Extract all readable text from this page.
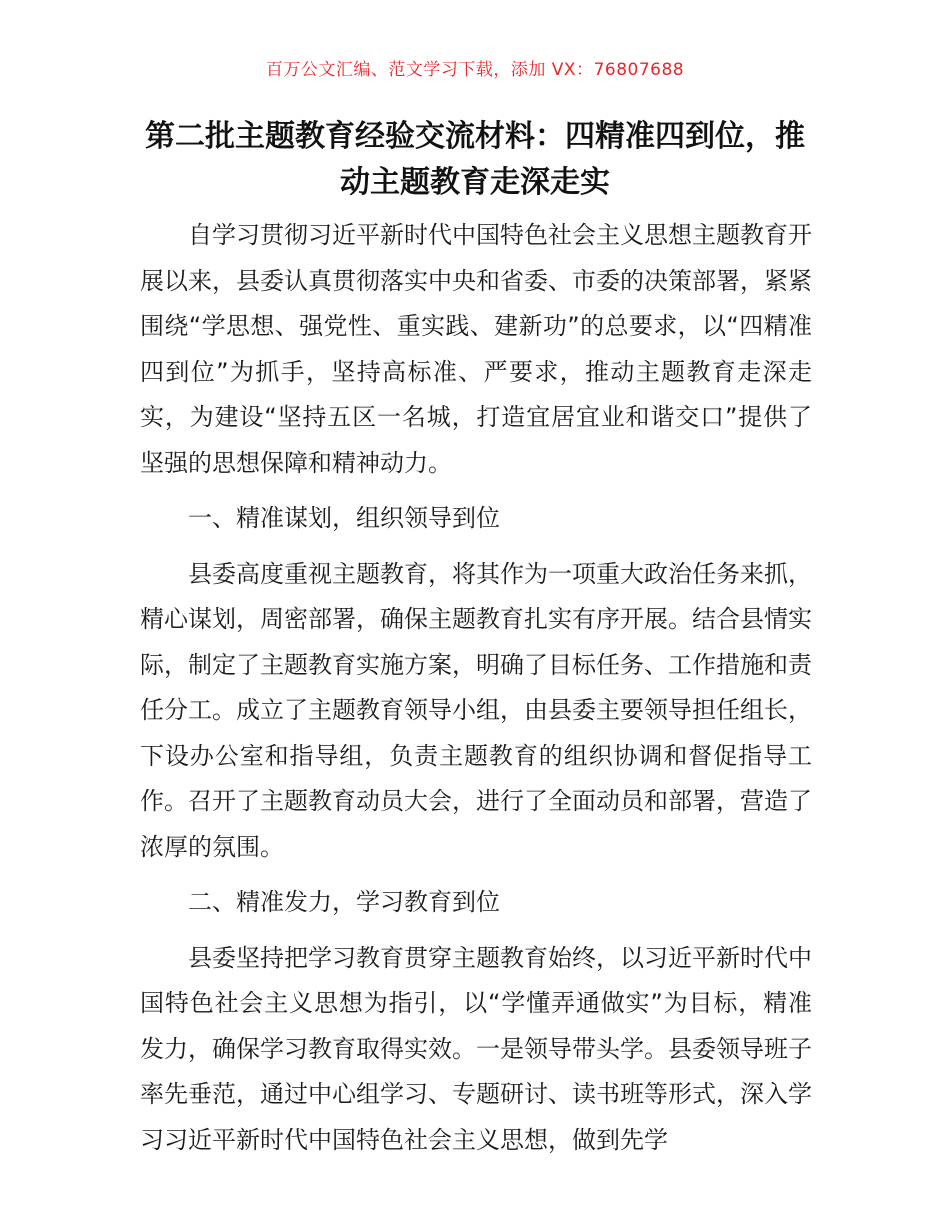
百万公文汇编、范文学习下载，添加 VX：76807688
第二批主题教育经验交流材料：四精准四到位，推动主题教育走深走实

自学习贯彻习近平新时代中国特色社会主义思想主题教育开展以来，县委认真贯彻落实中央和省委、市委的决策部署，紧紧围绕“学思想、强党性、重实践、建新功”的总要求，以“四精准四到位”为抓手，坚持高标准、严要求，推动主题教育走深走实，为建设“坚持五区一名城，打造宜居宜业和谐交口”提供了坚强的思想保障和精神动力。

一、精准谋划，组织领导到位

县委高度重视主题教育，将其作为一项重大政治任务来抓，精心谋划，周密部署，确保主题教育扎实有序开展。结合县情实际，制定了主题教育实施方案，明确了目标任务、工作措施和责任分工。成立了主题教育领导小组，由县委主要领导担任组长，下设办公室和指导组，负责主题教育的组织协调和督促指导工作。召开了主题教育动员大会，进行了全面动员和部署，营造了浓厚的氛围。

二、精准发力，学习教育到位

县委坚持把学习教育贯穿主题教育始终，以习近平新时代中国特色社会主义思想为指引，以“学懂弄通做实”为目标，精准发力，确保学习教育取得实效。一是领导带头学。县委领导班子率先垂范，通过中心组学习、专题研讨、读书班等形式，深入学习习近平新时代中国特色社会主义思想，做到先学
